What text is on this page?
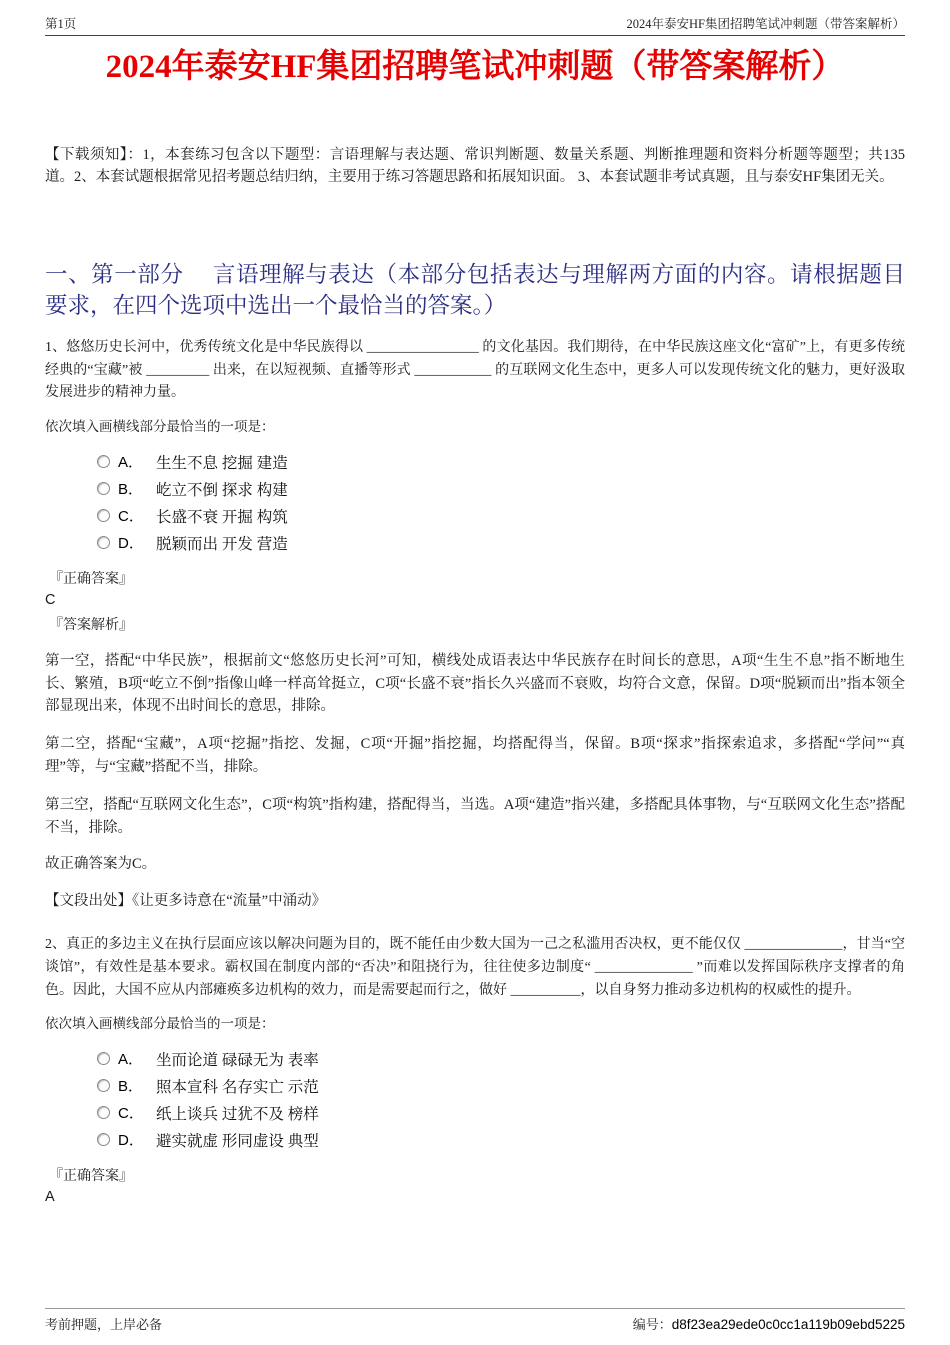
第1页	2024年泰安HF集团招聘笔试冲刺题（带答案解析）
2024年泰安HF集团招聘笔试冲刺题（带答案解析）

【下载须知】：1，本套练习包含以下题型：言语理解与表达题、常识判断题、数量关系题、判断推理题和资料分析题等题型；共135道。2、本套试题根据常见招考题总结归纳，主要用于练习答题思路和拓展知识面。 3、本套试题非考试真题，且与泰安HF集团无关。

一、第一部分　 言语理解与表达（本部分包括表达与理解两方面的内容。请根据题目要求，在四个选项中选出一个最恰当的答案。）

1、悠悠历史长河中，优秀传统文化是中华民族得以 ________________ 的文化基因。我们期待，在中华民族这座文化“富矿”上，有更多传统经典的“宝藏”被 _________ 出来，在以短视频、直播等形式 ___________ 的互联网文化生态中，更多人可以发现传统文化的魅力，更好汲取发展进步的精神力量。

依次填入画横线部分最恰当的一项是：

A． 生生不息 挖掘 建造
B． 屹立不倒 探求 构建
C． 长盛不衰 开掘 构筑
D． 脱颖而出 开发 营造

『正确答案』

C

『答案解析』

第一空，搭配“中华民族”，根据前文“悠悠历史长河”可知，横线处成语表达中华民族存在时间长的意思，A项“生生不息”指不断地生长、繁殖，B项“屹立不倒”指像山峰一样高耸挺立，C项“长盛不衰”指长久兴盛而不衰败，均符合文意，保留。D项“脱颖而出”指本领全部显现出来，体现不出时间长的意思，排除。

第二空，搭配“宝藏”，A项“挖掘”指挖、发掘，C项“开掘”指挖掘，均搭配得当，保留。B项“探求”指探索追求，多搭配“学问”“真理”等，与“宝藏”搭配不当，排除。

第三空，搭配“互联网文化生态”，C项“构筑”指构建，搭配得当，当选。A项“建造”指兴建，多搭配具体事物，与“互联网文化生态”搭配不当，排除。

故正确答案为C。

【文段出处】《让更多诗意在“流量”中涌动》

2、真正的多边主义在执行层面应该以解决问题为目的，既不能任由少数大国为一己之私滥用否决权，更不能仅仅 ______________，甘当“空谈馆”，有效性是基本要求。霸权国在制度内部的“否决”和阻挠行为，往往使多边制度“ ______________ ”而难以发挥国际秩序支撑者的角色。因此，大国不应从内部瘫痪多边机构的效力，而是需要起而行之，做好 __________，以自身努力推动多边机构的权威性的提升。

依次填入画横线部分最恰当的一项是：

A． 坐而论道 碌碌无为 表率
B． 照本宣科 名存实亡 示范
C． 纸上谈兵 过犹不及 榜样
D． 避实就虚 形同虚设 典型

『正确答案』

A

考前押题，上岸必备	编号：d8f23ea29ede0c0cc1a119b09ebd5225
